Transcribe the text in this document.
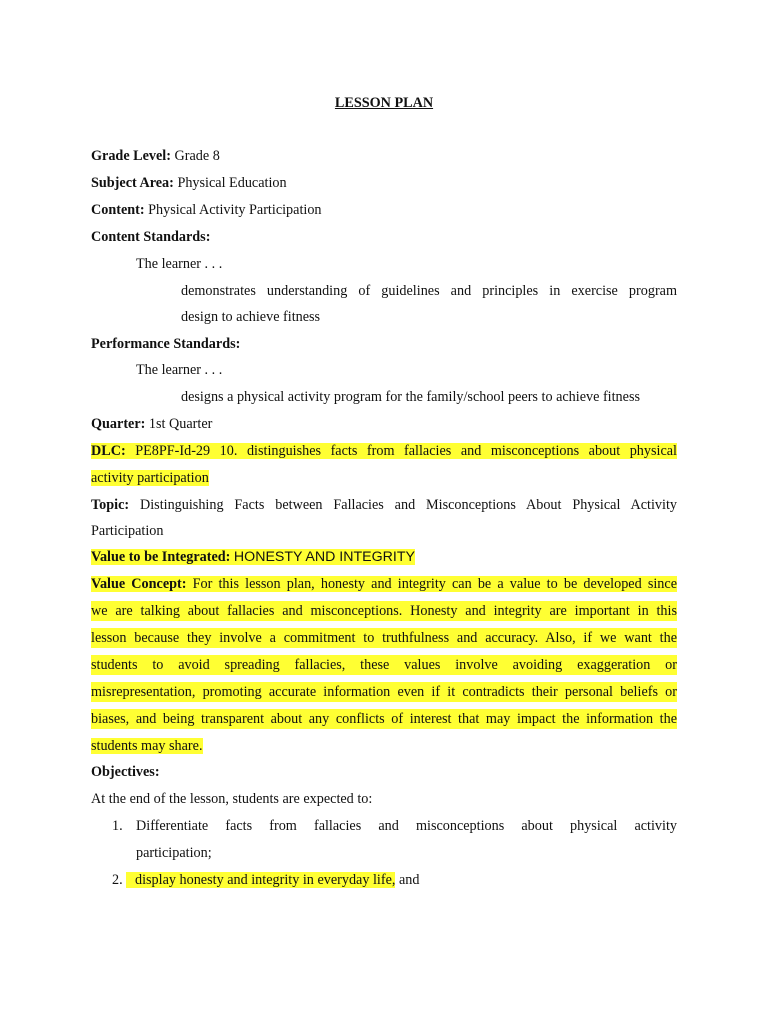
LESSON PLAN
Grade Level: Grade 8
Subject Area: Physical Education
Content: Physical Activity Participation
Content Standards:
The learner . . .
demonstrates understanding of guidelines and principles in exercise program
design to achieve fitness
Performance Standards:
The learner . . .
designs a physical activity program for the family/school peers to achieve fitness
Quarter: 1st Quarter
DLC: PE8PF-Id-29 10. distinguishes facts from fallacies and misconceptions about physical
activity participation
Topic: Distinguishing Facts between Fallacies and Misconceptions About Physical Activity
Participation
Value to be Integrated: HONESTY AND INTEGRITY
Value Concept: For this lesson plan, honesty and integrity can be a value to be developed since
we are talking about fallacies and misconceptions. Honesty and integrity are important in this
lesson because they involve a commitment to truthfulness and accuracy. Also, if we want the
students to avoid spreading fallacies, these values involve avoiding exaggeration or
misrepresentation, promoting accurate information even if it contradicts their personal beliefs or
biases, and being transparent about any conflicts of interest that may impact the information the
students may share.
Objectives:
At the end of the lesson, students are expected to:
1. Differentiate facts from fallacies and misconceptions about physical activity
participation;
2. display honesty and integrity in everyday life, and
